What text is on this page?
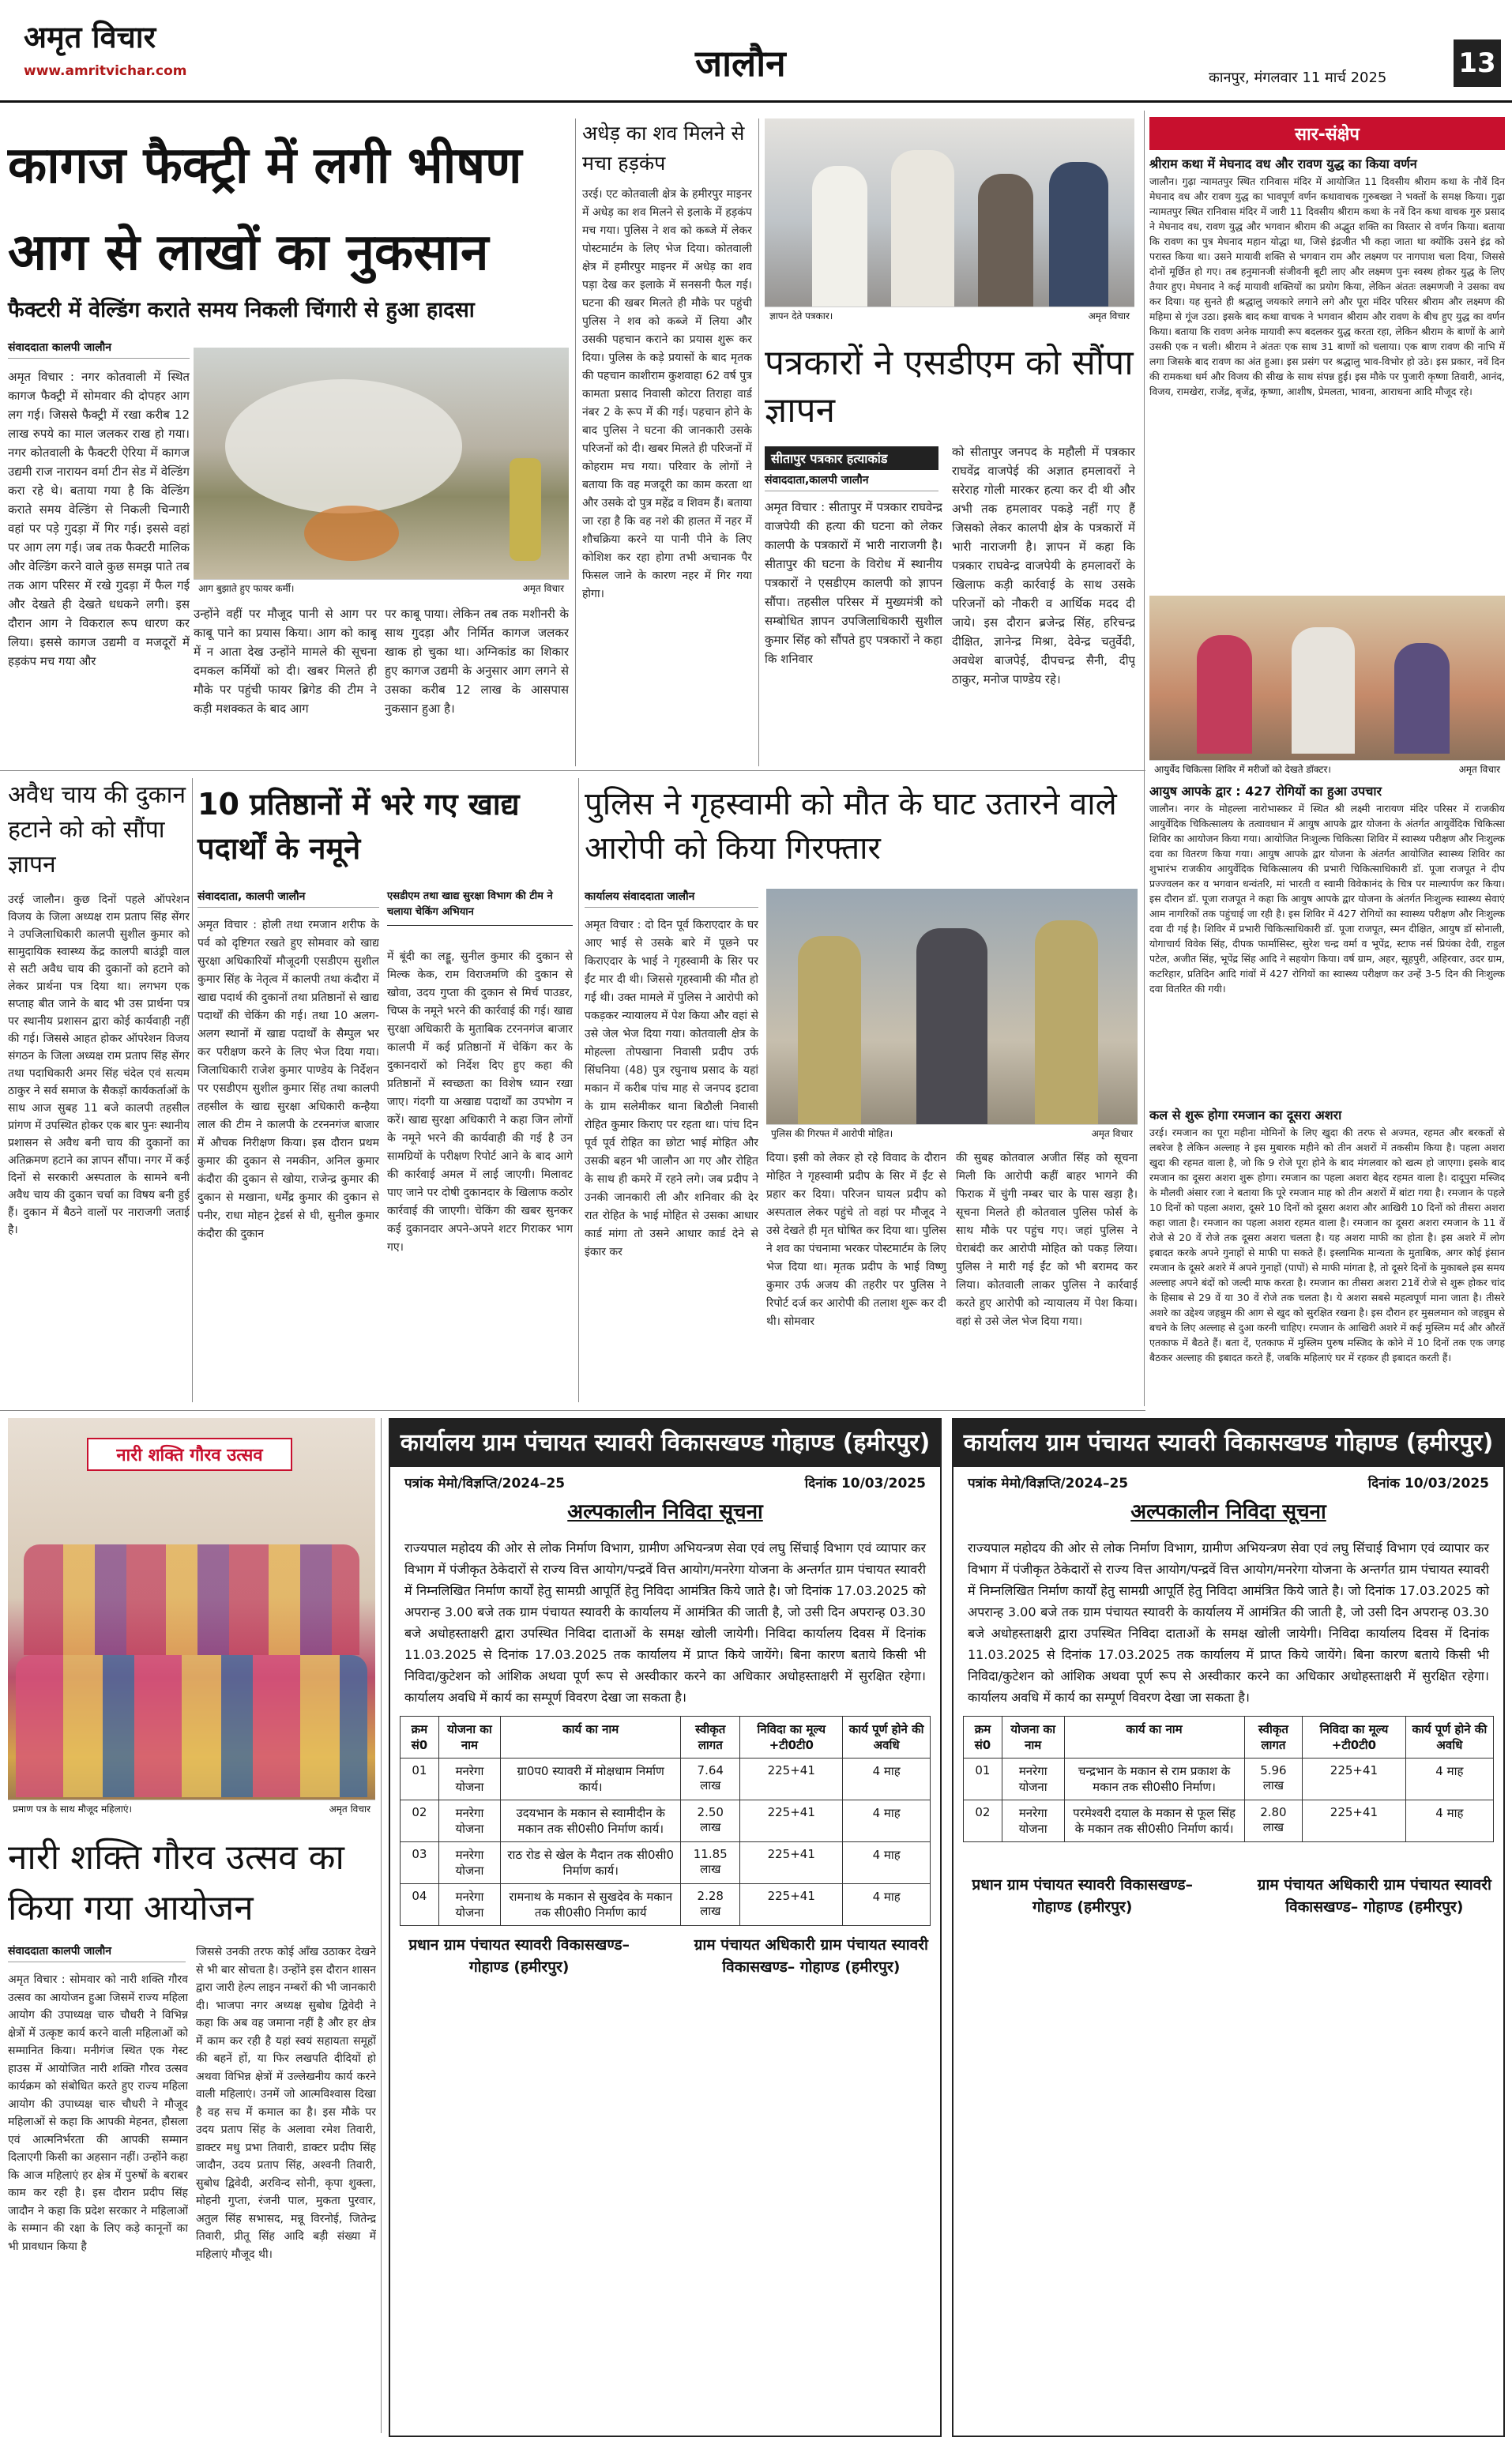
अमृत विचार
www.amritvichar.com	जालौन	कानपुर, मंगलवार 11 मार्च 2025	13
कागज फैक्ट्री में लगी भीषण आग से लाखों का नुकसान
फैक्टरी में वेल्डिंग कराते समय निकली चिंगारी से हुआ हादसा
संवाददाता कालपी जालौन
अमृत विचार : नगर कोतवाली में स्थित कागज फैक्ट्री में सोमवार की दोपहर आग लग गई। जिससे फैक्ट्री में रखा करीब 12 लाख रुपये का माल जलकर राख हो गया। नगर कोतवाली के फैक्टरी ऐरिया में कागज उद्यमी राज नारायन वर्मा टीन सेड में वेल्डिंग करा रहे थे। बताया गया है कि वेल्डिंग कराते समय वेल्डिंग से निकली चिन्गारी वहां पर पड़े गुदड़ा में गिर गई। इससे वहां पर आग लग गई। जब तक फैक्टरी मालिक और वेल्डिंग करने वाले कुछ समझ पाते तब तक आग परिसर में रखे गुदड़ा में फैल गई और देखते ही देखते धधकने लगी। इस दौरान आग ने विकराल रूप धारण कर लिया। इससे कागज उद्यमी व मजदूरों में हड़कंप मच गया और
आग बुझाते हुए फायर कर्मी।	अमृत विचार
उन्होंने वहीं पर मौजूद पानी से आग पर काबू पाने का प्रयास किया। आग को काबू में न आता देख उन्होंने मामले की सूचना दमकल कर्मियों को दी। खबर मिलते ही मौके पर पहुंची फायर ब्रिगेड की टीम ने कड़ी मशक्कत के बाद आग
पर काबू पाया। लेकिन तब तक मशीनरी के साथ गुदड़ा और निर्मित कागज जलकर खाक हो चुका था। अग्निकांड का शिकार हुए कागज उद्यमी के अनुसार आग लगने से उसका करीब 12 लाख के आसपास नुकसान हुआ है।
अधेड़ का शव मिलने से मचा हड़कंप
उरई। एट कोतवाली क्षेत्र के हमीरपुर माइनर में अधेड़ का शव मिलने से इलाके में हड़कंप मच गया। पुलिस ने शव को कब्जे में लेकर पोस्टमार्टम के लिए भेज दिया। कोतवाली क्षेत्र में हमीरपुर माइनर में अधेड़ का शव पड़ा देख कर इलाके में सनसनी फैल गई। घटना की खबर मिलते ही मौके पर पहुंची पुलिस ने शव को कब्जे में लिया और उसकी पहचान कराने का प्रयास शुरू कर दिया। पुलिस के कड़े प्रयासों के बाद मृतक की पहचान काशीराम कुशवाहा 62 वर्ष पुत्र कामता प्रसाद निवासी कोटरा तिराहा वार्ड नंबर 2 के रूप में की गई। पहचान होने के बाद पुलिस ने घटना की जानकारी उसके परिजनों को दी। खबर मिलते ही परिजनों में कोहराम मच गया। परिवार के लोगों ने बताया कि वह मजदूरी का काम करता था और उसके दो पुत्र महेंद्र व शिवम हैं। बताया जा रहा है कि वह नशे की हालत में नहर में शौचक्रिया करने या पानी पीने के लिए कोशिश कर रहा होगा तभी अचानक पैर फिसल जाने के कारण नहर में गिर गया होगा।
ज्ञापन देते पत्रकार।	अमृत विचार
पत्रकारों ने एसडीएम को सौंपा ज्ञापन
सीतापुर पत्रकार हत्याकांड
संवाददाता,कालपी जालौन
अमृत विचार : सीतापुर में पत्रकार राघवेन्द्र वाजपेयी की हत्या की घटना को लेकर कालपी के पत्रकारों में भारी नाराजगी है। सीतापुर की घटना के विरोध में स्थानीय पत्रकारों ने एसडीएम कालपी को ज्ञापन सौंपा। तहसील परिसर में मुख्यमंत्री को सम्बोधित ज्ञापन उपजिलाधिकारी सुशील कुमार सिंह को सौंपते हुए पत्रकारों ने कहा कि शनिवार
को सीतापुर जनपद के महौली में पत्रकार राघवेंद्र वाजपेई की अज्ञात हमलावरों ने सरेराह गोली मारकर हत्या कर दी थी और अभी तक हमलावर पकड़े नहीं गए हैं जिसको लेकर कालपी क्षेत्र के पत्रकारों में भारी नाराजगी है। ज्ञापन में कहा कि पत्रकार राघवेन्द्र वाजपेयी के हमलावरों के खिलाफ कड़ी कार्रवाई के साथ उसके परिजनों को नौकरी व आर्थिक मदद दी जाये। इस दौरान ब्रजेन्द्र सिंह, हरिचन्द्र दीक्षित, ज्ञानेन्द्र मिश्रा, देवेन्द्र चतुर्वेदी, अवधेश बाजपेई, दीपचन्द्र सैनी, दीपू ठाकुर, मनोज पाण्डेय रहे।
अवैध चाय की दुकान हटाने को को सौंपा ज्ञापन
उरई जालौन। कुछ दिनों पहले ऑपरेशन विजय के जिला अध्यक्ष राम प्रताप सिंह सेंगर ने उपजिलाधिकारी कालपी सुशील कुमार को सामुदायिक स्वास्थ्य केंद्र कालपी बाउंड्री वाल से सटी अवैध चाय की दुकानों को हटाने को लेकर प्रार्थना पत्र दिया था। लगभग एक सप्ताह बीत जाने के बाद भी उस प्रार्थना पत्र पर स्थानीय प्रशासन द्वारा कोई कार्यवाही नहीं की गई। जिससे आहत होकर ऑपरेशन विजय संगठन के जिला अध्यक्ष राम प्रताप सिंह सेंगर तथा पदाधिकारी अमर सिंह चंदेल एवं सत्यम ठाकुर ने सर्व समाज के सैकड़ों कार्यकर्ताओं के साथ आज सुबह 11 बजे कालपी तहसील प्रांगण में उपस्थित होकर एक बार पुनः स्थानीय प्रशासन से अवैध बनी चाय की दुकानों का अतिक्रमण हटाने का ज्ञापन सौंपा। नगर में कई दिनों से सरकारी अस्पताल के सामने बनी अवैध चाय की दुकान चर्चा का विषय बनी हुई हैं। दुकान में बैठने वालों पर नाराजगी जताई है।
10 प्रतिष्ठानों में भरे गए खाद्य पदार्थों के नमूने
संवाददाता, कालपी जालौन
अमृत विचार : होली तथा रमजान शरीफ के पर्व को दृष्टिगत रखते हुए सोमवार को खाद्य सुरक्षा अधिकारियों मौजूदगी एसडीएम सुशील कुमार सिंह के नेतृत्व में कालपी तथा कंदौरा में खाद्य पदार्थ की दुकानों तथा प्रतिष्ठानों से खाद्य पदार्थों की चेकिंग की गई। तथा 10 अलग-अलग स्थानों में खाद्य पदार्थों के सैम्पुल भर कर परीक्षण करने के लिए भेज दिया गया। जिलाधिकारी राजेश कुमार पाण्डेय के निर्देशन पर एसडीएम सुशील कुमार सिंह तथा कालपी तहसील के खाद्य सुरक्षा अधिकारी कन्हैया लाल की टीम ने कालपी के टरननगंज बाजार में औचक निरीक्षण किया। इस दौरान प्रथम कुमार की दुकान से नमकीन, अनिल कुमार कंदौरा की दुकान से खोया, राजेन्द्र कुमार की दुकान से मखाना, धर्मेंद्र कुमार की दुकान से पनीर, राधा मोहन ट्रेडर्स से घी, सुनील कुमार कंदौरा की दुकान
एसडीएम तथा खाद्य सुरक्षा विभाग की टीम ने चलाया चेकिंग अभियान
में बूंदी का लड्डू, सुनील कुमार की दुकान से मिल्क केक, राम विराजमणि की दुकान से खोवा, उदय गुप्ता की दुकान से मिर्च पाउडर, चिप्स के नमूने भरने की कार्रवाई की गई। खाद्य सुरक्षा अधिकारी के मुताबिक टरननगंज बाजार कालपी में कई प्रतिष्ठानों में चेकिंग कर के दुकानदारों को निर्देश दिए हुए कहा की प्रतिष्ठानों में स्वच्छता का विशेष ध्यान रखा जाए। गंदगी या अखाद्य पदार्थों का उपभोग न करें। खाद्य सुरक्षा अधिकारी ने कहा जिन लोगों के नमूने भरने की कार्यवाही की गई है उन सामग्रियों के परीक्षण रिपोर्ट आने के बाद आगे की कार्रवाई अमल में लाई जाएगी। मिलावट पाए जाने पर दोषी दुकानदार के खिलाफ कठोर कार्रवाई की जाएगी। चेकिंग की खबर सुनकर कई दुकानदार अपने-अपने शटर गिराकर भाग गए।
पुलिस ने गृहस्वामी को मौत के घाट उतारने वाले आरोपी को किया गिरफ्तार
कार्यालय संवाददाता जालौन
अमृत विचार : दो दिन पूर्व किराएदार के घर आए भाई से उसके बारे में पूछने पर किराएदार के भाई ने गृहस्वामी के सिर पर ईंट मार दी थी। जिससे गृहस्वामी की मौत हो गई थी। उक्त मामले में पुलिस ने आरोपी को पकड़कर न्यायालय में पेश किया और वहां से उसे जेल भेज दिया गया। कोतवाली क्षेत्र के मोहल्ला तोपखाना निवासी प्रदीप उर्फ सिंघनिया (48) पुत्र रघुनाथ प्रसाद के यहां मकान में करीब पांच माह से जनपद इटावा के ग्राम सलेमीकर थाना बिठौली निवासी रोहित कुमार किराए पर रहता था। पांच दिन पूर्व पूर्व रोहित का छोटा भाई मोहित और उसकी बहन भी जालौन आ गए और रोहित के साथ ही कमरे में रहने लगे। जब प्रदीप ने उनकी जानकारी ली और शनिवार की देर रात रोहित के भाई मोहित से उसका आधार कार्ड मांगा तो उसने आधार कार्ड देने से इंकार कर
पुलिस की गिरफ्त में आरोपी मोहित।	अमृत विचार
दिया। इसी को लेकर हो रहे विवाद के दौरान मोहित ने गृहस्वामी प्रदीप के सिर में ईंट से प्रहार कर दिया। परिजन घायल प्रदीप को अस्पताल लेकर पहुंचे तो वहां पर मौजूद ने उसे देखते ही मृत घोषित कर दिया था। पुलिस ने शव का पंचनामा भरकर पोस्टमार्टम के लिए भेज दिया था। मृतक प्रदीप के भाई विष्णु कुमार उर्फ अजय की तहरीर पर पुलिस ने रिपोर्ट दर्ज कर आरोपी की तलाश शुरू कर दी थी। सोमवार
की सुबह कोतवाल अजीत सिंह को सूचना मिली कि आरोपी कहीं बाहर भागने की फिराक में चुंगी नम्बर चार के पास खड़ा है। सूचना मिलते ही कोतवाल पुलिस फोर्स के साथ मौके पर पहुंच गए। जहां पुलिस ने घेराबंदी कर आरोपी मोहित को पकड़ लिया। पुलिस ने मारी गई ईंट को भी बरामद कर लिया। कोतवाली लाकर पुलिस ने कार्रवाई करते हुए आरोपी को न्यायालय में पेश किया। वहां से उसे जेल भेज दिया गया।
सार-संक्षेप
श्रीराम कथा में मेघनाद वध और रावण युद्ध का किया वर्णन
जालौन। गुढ़ा न्यामतपुर स्थित रानिवास मंदिर में आयोजित 11 दिवसीय श्रीराम कथा के नौवें दिन मेघनाद वध और रावण युद्ध का भावपूर्ण वर्णन कथावाचक गुरुबख्श ने भक्तों के समक्ष किया। गुढ़ा न्यामतपुर स्थित रानिवास मंदिर में जारी 11 दिवसीय श्रीराम कथा के नवें दिन कथा वाचक गुरु प्रसाद ने मेघनाद वध, रावण युद्ध और भगवान श्रीराम की अद्भुत शक्ति का विस्तार से वर्णन किया। बताया कि रावण का पुत्र मेघनाद महान योद्धा था, जिसे इंद्रजीत भी कहा जाता था क्योंकि उसने इंद्र को परास्त किया था। उसने मायावी शक्ति से भगवान राम और लक्ष्मण पर नागपाश चला दिया, जिससे दोनों मूर्छित हो गए। तब हनुमानजी संजीवनी बूटी लाए और लक्ष्मण पुनः स्वस्थ होकर युद्ध के लिए तैयार हुए। मेघनाद ने कई मायावी शक्तियों का प्रयोग किया, लेकिन अंततः लक्ष्मणजी ने उसका वध कर दिया। यह सुनते ही श्रद्धालु जयकारे लगाने लगे और पूरा मंदिर परिसर श्रीराम और लक्ष्मण की महिमा से गूंज उठा। इसके बाद कथा वाचक ने भगवान श्रीराम और रावण के बीच हुए युद्ध का वर्णन किया। बताया कि रावण अनेक मायावी रूप बदलकर युद्ध करता रहा, लेकिन श्रीराम के बाणों के आगे उसकी एक न चली। श्रीराम ने अंततः एक साथ 31 बाणों को चलाया। एक बाण रावण की नाभि में लगा जिसके बाद रावण का अंत हुआ। इस प्रसंग पर श्रद्धालु भाव-विभोर हो उठे। इस प्रकार, नवें दिन की रामकथा धर्म और विजय की सीख के साथ संपन्न हुई। इस मौके पर पुजारी कृष्णा तिवारी, आनंद, विजय, रामखेरा, राजेंद्र, बृजेंद्र, कृष्णा, आशीष, प्रेमलता, भावना, आराधना आदि मौजूद रहे।
आयुर्वेद चिकित्सा शिविर में मरीजों को देखते डॉक्टर।	अमृत विचार
आयुष आपके द्वार : 427 रोगियों का हुआ उपचार
जालौन। नगर के मोहल्ला नारोभास्कर में स्थित श्री लक्ष्मी नारायण मंदिर परिसर में राजकीय आयुर्वेदिक चिकित्सालय के तत्वावधान में आयुष आपके द्वार योजना के अंतर्गत आयुर्वेदिक चिकित्सा शिविर का आयोजन किया गया। आयोजित निःशुल्क चिकित्सा शिविर में स्वास्थ्य परीक्षण और निःशुल्क दवा का वितरण किया गया। आयुष आपके द्वार योजना के अंतर्गत आयोजित स्वास्थ्य शिविर का शुभारंभ राजकीय आयुर्वेदिक चिकित्सालय की प्रभारी चिकित्साधिकारी डॉ. पूजा राजपूत ने दीप प्रज्ज्वलन कर व भगवान धन्वंतरि, मां भारती व स्वामी विवेकानंद के चित्र पर माल्यार्पण कर किया। इस दौरान डॉ. पूजा राजपूत ने कहा कि आयुष आपके द्वार योजना के अंतर्गत निःशुल्क स्वास्थ्य सेवाएं आम नागरिकों तक पहुंचाई जा रही है। इस शिविर में 427 रोगियों का स्वास्थ्य परीक्षण और निःशुल्क दवा दी गई है। शिविर में प्रभारी चिकित्साधिकारी डॉ. पूजा राजपूत, स्मन दीक्षित, आयुष डॉ सोनाली, योगाचार्य विवेक सिंह, दीपक फार्मासिस्ट, सुरेश चन्द्र वर्मा व भूपेंद्र, स्टाफ नर्स प्रियंका देवी, राहुल पटेल, अजीत सिंह, भूपेंद्र सिंह आदि ने सहयोग किया। वर्ष ग्राम, अहर, सूहपुरी, अहिरवार, उदर ग्राम, कटरिहार, प्रतिदिन आदि गांवों में 427 रोगियों का स्वास्थ्य परीक्षण कर उन्हें 3-5 दिन की निःशुल्क दवा वितरित की गयी।
कल से शुरू होगा रमजान का दूसरा अशरा
उरई। रमजान का पूरा महीना मोमिनों के लिए खुदा की तरफ से अज्मत, रहमत और बरकतों से लबरेज है लेकिन अल्लाह ने इस मुबारक महीने को तीन अशरों में तकसीम किया है। पहला अशरा खुदा की रहमत वाला है, जो कि 9 रोजे पूरा होने के बाद मंगलवार को खत्म हो जाएगा। इसके बाद रमजान का दूसरा अशरा शुरू होगा। रमजान का पहला अशरा बेहद रहमत वाला है। दादूपुरा मस्जिद के मौलवी अंसार रजा ने बताया कि पूरे रमजान माह को तीन अशरों में बांटा गया है। रमजान के पहले 10 दिनों को पहला अशरा, दूसरे 10 दिनों को दूसरा अशरा और आखिरी 10 दिनों को तीसरा अशरा कहा जाता है। रमजान का पहला अशरा रहमत वाला है। रमजान का दूसरा अशरा रमजान के 11 वें रोजे से 20 वें रोजे तक दूसरा अशरा चलता है। यह अशरा माफी का होता है। इस अशरे में लोग इबादत करके अपने गुनाहों से माफी पा सकते हैं। इस्लामिक मान्यता के मुताबिक, अगर कोई इंसान रमजान के दूसरे अशरे में अपने गुनाहों (पापों) से माफी मांगता है, तो दूसरे दिनों के मुकाबले इस समय अल्लाह अपने बंदों को जल्दी माफ करता है। रमजान का तीसरा अशरा 21वें रोजे से शुरू होकर चांद के हिसाब से 29 वें या 30 वें रोजे तक चलता है। ये अशरा सबसे महत्वपूर्ण माना जाता है। तीसरे अशरे का उद्देश्य जहन्नुम की आग से खुद को सुरक्षित रखना है। इस दौरान हर मुसलमान को जहन्नुम से बचने के लिए अल्लाह से दुआ करनी चाहिए। रमजान के आखिरी अशरे में कई मुस्लिम मर्द और औरतें एतकाफ में बैठते हैं। बता दें, एतकाफ में मुस्लिम पुरुष मस्जिद के कोने में 10 दिनों तक एक जगह बैठकर अल्लाह की इबादत करते हैं, जबकि महिलाएं घर में रहकर ही इबादत करती हैं।
नारी शक्ति गौरव उत्सव
प्रमाण पत्र के साथ मौजूद महिलाएं।	अमृत विचार
नारी शक्ति गौरव उत्सव का किया गया आयोजन
संवाददाता कालपी जालौन
अमृत विचार : सोमवार को नारी शक्ति गौरव उत्सव का आयोजन हुआ जिसमें राज्य महिला आयोग की उपाध्यक्ष चारु चौधरी ने विभिन्न क्षेत्रों में उत्कृष्ट कार्य करने वाली महिलाओं को सम्मानित किया। मनीगंज स्थित एक गेस्ट हाउस में आयोजित नारी शक्ति गौरव उत्सव कार्यक्रम को संबोधित करते हुए राज्य महिला आयोग की उपाध्यक्ष चारु चौधरी ने मौजूद महिलाओं से कहा कि आपकी मेहनत, हौसला एवं आत्मनिर्भरता की आपकी सम्मान दिलाएगी किसी का अहसान नहीं। उन्होंने कहा कि आज महिलाएं हर क्षेत्र में पुरुषों के बराबर काम कर रही है। इस दौरान प्रदीप सिंह जादौन ने कहा कि प्रदेश सरकार ने महिलाओं के सम्मान की रक्षा के लिए कड़े कानूनों का भी प्रावधान किया है
जिससे उनकी तरफ कोई आँख उठाकर देखने से भी बार सोचता है। उन्होंने इस दौरान शासन द्वारा जारी हेल्प लाइन नम्बरों की भी जानकारी दी। भाजपा नगर अध्यक्ष सुबोध द्विवेदी ने कहा कि अब वह जमाना नहीं है और हर क्षेत्र में काम कर रही है यहां स्वयं सहायता समूहों की बहनें हों, या फिर लखपति दीदियों हो अथवा विभिन्न क्षेत्रों में उल्लेखनीय कार्य करने वाली महिलाएं। उनमें जो आत्मविश्वास दिखा है वह सच में कमाल का है। इस मौके पर उदय प्रताप सिंह के अलावा रमेश तिवारी, डाक्टर मधु प्रभा तिवारी, डाक्टर प्रदीप सिंह जादौन, उदय प्रताप सिंह, अश्वनी तिवारी, सुबोध द्विवेदी, अरविन्द सोनी, कृपा शुक्ला, मोहनी गुप्ता, रंजनी पाल, मुकता पुरवार, अतुल सिंह सभासद, मन्नू विरनोई, जितेन्द्र तिवारी, प्रीतू सिंह आदि बड़ी संख्या में महिलाएं मौजूद थी।
कार्यालय ग्राम पंचायत स्यावरी विकासखण्ड गोहाण्ड (हमीरपुर)
पत्रांक मेमो/विज्ञप्ति/2024–25	दिनांक 10/03/2025
अल्पकालीन निविदा सूचना
राज्यपाल महोदय की ओर से लोक निर्माण विभाग, ग्रामीण अभियन्त्रण सेवा एवं लघु सिंचाई विभाग एवं व्यापार कर विभाग में पंजीकृत ठेकेदारों से राज्य वित्त आयोग/पन्द्रवें वित्त आयोग/मनरेगा योजना के अन्तर्गत ग्राम पंचायत स्यावरी में निम्नलिखित निर्माण कार्यों हेतु सामग्री आपूर्ति हेतु निविदा आमंत्रित किये जाते है। जो दिनांक 17.03.2025 को अपरान्ह 3.00 बजे तक ग्राम पंचायत स्यावरी के कार्यालय में आमंत्रित की जाती है, जो उसी दिन अपरान्ह 03.30 बजे अधोहस्ताक्षरी द्वारा उपस्थित निविदा दाताओं के समक्ष खोली जायेगी। निविदा कार्यालय दिवस में दिनांक 11.03.2025 से दिनांक 17.03.2025 तक कार्यालय में प्राप्त किये जायेंगे। बिना कारण बताये किसी भी निविदा/कुटेशन को आंशिक अथवा पूर्ण रूप से अस्वीकार करने का अधिकार अधोहस्ताक्षरी में सुरक्षित रहेगा। कार्यालय अवधि में कार्य का सम्पूर्ण विवरण देखा जा सकता है।
क्रम सं0	योजना का नाम	कार्य का नाम	स्वीकृत लागत	निविदा का मूल्य +टी0टी0	कार्य पूर्ण होने की अवधि
01	मनरेगा योजना	ग्रा0प0 स्यावरी में मोक्षधाम निर्माण कार्य।	7.64 लाख	225+41	4 माह
02	मनरेगा योजना	उदयभान के मकान से स्वामीदीन के मकान तक सी0सी0 निर्माण कार्य।	2.50 लाख	225+41	4 माह
03	मनरेगा योजना	राठ रोड से खेल के मैदान तक सी0सी0 निर्माण कार्य।	11.85 लाख	225+41	4 माह
04	मनरेगा योजना	रामनाथ के मकान से सुखदेव के मकान तक सी0सी0 निर्माण कार्य	2.28 लाख	225+41	4 माह
प्रधान ग्राम पंचायत स्यावरी विकासखण्ड– गोहाण्ड (हमीरपुर)
ग्राम पंचायत अधिकारी ग्राम पंचायत स्यावरी विकासखण्ड– गोहाण्ड (हमीरपुर)
कार्यालय ग्राम पंचायत स्यावरी विकासखण्ड गोहाण्ड (हमीरपुर)
पत्रांक मेमो/विज्ञप्ति/2024–25	दिनांक 10/03/2025
अल्पकालीन निविदा सूचना
राज्यपाल महोदय की ओर से लोक निर्माण विभाग, ग्रामीण अभियन्त्रण सेवा एवं लघु सिंचाई विभाग एवं व्यापार कर विभाग में पंजीकृत ठेकेदारों से राज्य वित्त आयोग/पन्द्रवें वित्त आयोग/मनरेगा योजना के अन्तर्गत ग्राम पंचायत स्यावरी में निम्नलिखित निर्माण कार्यों हेतु सामग्री आपूर्ति हेतु निविदा आमंत्रित किये जाते है। जो दिनांक 17.03.2025 को अपरान्ह 3.00 बजे तक ग्राम पंचायत स्यावरी के कार्यालय में आमंत्रित की जाती है, जो उसी दिन अपरान्ह 03.30 बजे अधोहस्ताक्षरी द्वारा उपस्थित निविदा दाताओं के समक्ष खोली जायेगी। निविदा कार्यालय दिवस में दिनांक 11.03.2025 से दिनांक 17.03.2025 तक कार्यालय में प्राप्त किये जायेंगे। बिना कारण बताये किसी भी निविदा/कुटेशन को आंशिक अथवा पूर्ण रूप से अस्वीकार करने का अधिकार अधोहस्ताक्षरी में सुरक्षित रहेगा। कार्यालय अवधि में कार्य का सम्पूर्ण विवरण देखा जा सकता है।
क्रम सं0	योजना का नाम	कार्य का नाम	स्वीकृत लागत	निविदा का मूल्य +टी0टी0	कार्य पूर्ण होने की अवधि
01	मनरेगा योजना	चन्द्रभान के मकान से राम प्रकाश के मकान तक सी0सी0 निर्माण।	5.96 लाख	225+41	4 माह
02	मनरेगा योजना	परमेश्वरी दयाल के मकान से फूल सिंह के मकान तक सी0सी0 निर्माण कार्य।	2.80 लाख	225+41	4 माह
प्रधान ग्राम पंचायत स्यावरी विकासखण्ड– गोहाण्ड (हमीरपुर)
ग्राम पंचायत अधिकारी ग्राम पंचायत स्यावरी विकासखण्ड– गोहाण्ड (हमीरपुर)
